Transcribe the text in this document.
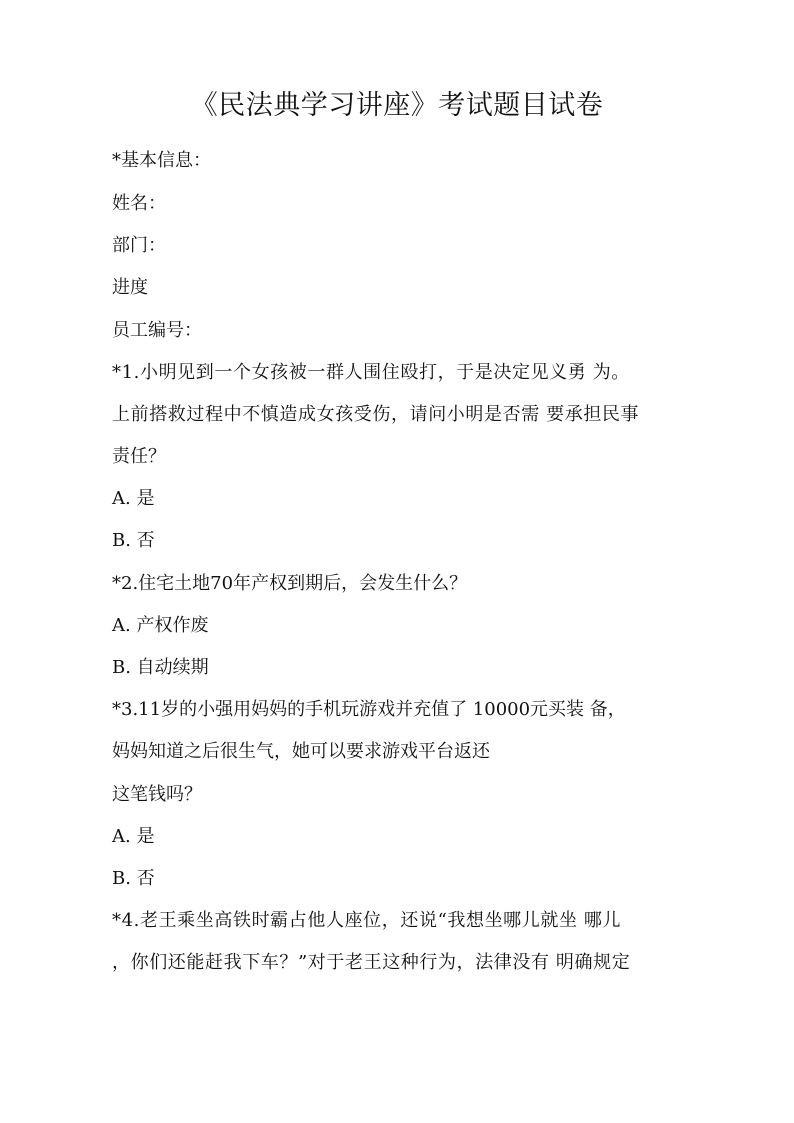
《民法典学习讲座》考试题目试卷
*基本信息：
姓名：
部门：
进度
员工编号：
*1.小明见到一个女孩被一群人围住殴打，于是决定见义勇 为。
上前搭救过程中不慎造成女孩受伤，请问小明是否需 要承担民事
责任？
A. 是
B. 否
*2.住宅土地70年产权到期后，会发生什么？
A. 产权作废
B. 自动续期
*3.11岁的小强用妈妈的手机玩游戏并充值了 10000元买装 备，
妈妈知道之后很生气，她可以要求游戏平台返还
这笔钱吗？
A. 是
B. 否
*4.老王乘坐高铁时霸占他人座位，还说“我想坐哪儿就坐 哪儿
，你们还能赶我下车？”对于老王这种行为，法律没有 明确规定
